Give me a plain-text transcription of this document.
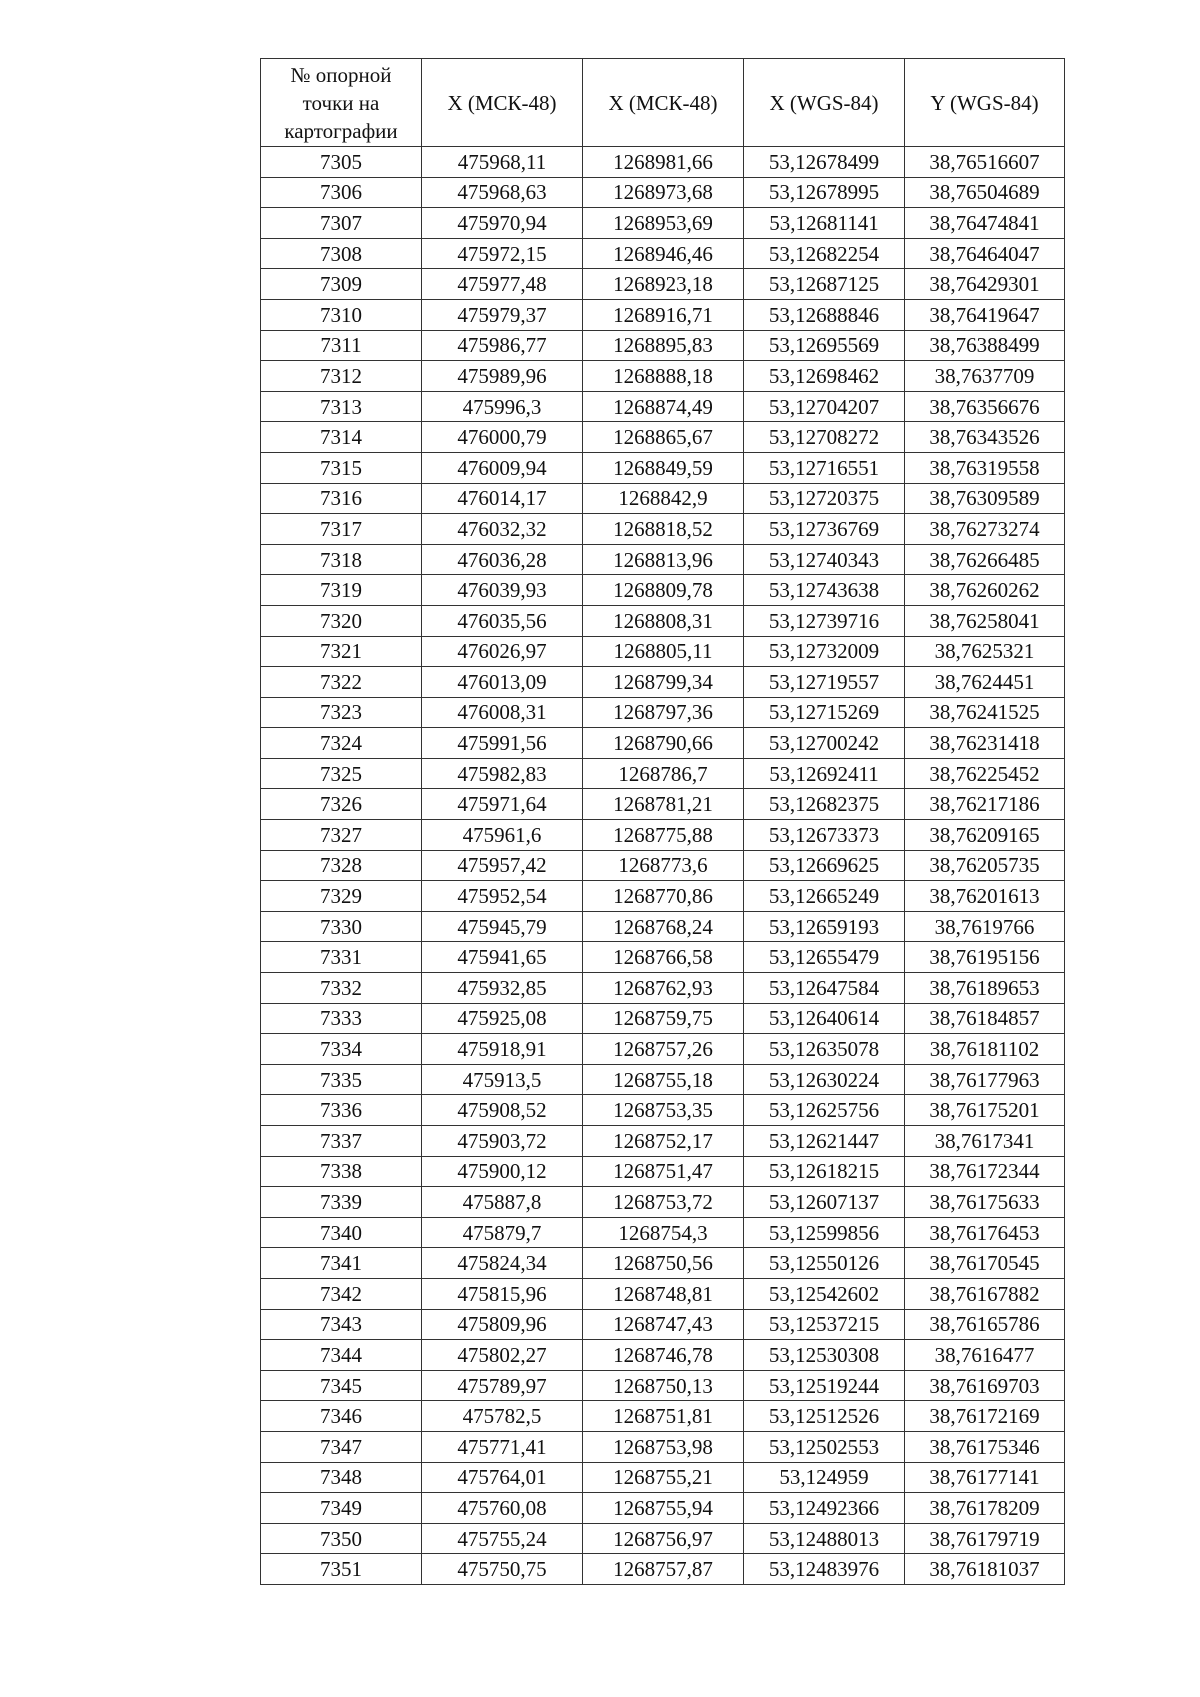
№ опорной точки на картографии	X (МСК-48)	X (МСК-48)	X (WGS-84)	Y (WGS-84)
7305	475968,11	1268981,66	53,12678499	38,76516607
7306	475968,63	1268973,68	53,12678995	38,76504689
7307	475970,94	1268953,69	53,12681141	38,76474841
7308	475972,15	1268946,46	53,12682254	38,76464047
7309	475977,48	1268923,18	53,12687125	38,76429301
7310	475979,37	1268916,71	53,12688846	38,76419647
7311	475986,77	1268895,83	53,12695569	38,76388499
7312	475989,96	1268888,18	53,12698462	38,7637709
7313	475996,3	1268874,49	53,12704207	38,76356676
7314	476000,79	1268865,67	53,12708272	38,76343526
7315	476009,94	1268849,59	53,12716551	38,76319558
7316	476014,17	1268842,9	53,12720375	38,76309589
7317	476032,32	1268818,52	53,12736769	38,76273274
7318	476036,28	1268813,96	53,12740343	38,76266485
7319	476039,93	1268809,78	53,12743638	38,76260262
7320	476035,56	1268808,31	53,12739716	38,76258041
7321	476026,97	1268805,11	53,12732009	38,7625321
7322	476013,09	1268799,34	53,12719557	38,7624451
7323	476008,31	1268797,36	53,12715269	38,76241525
7324	475991,56	1268790,66	53,12700242	38,76231418
7325	475982,83	1268786,7	53,12692411	38,76225452
7326	475971,64	1268781,21	53,12682375	38,76217186
7327	475961,6	1268775,88	53,12673373	38,76209165
7328	475957,42	1268773,6	53,12669625	38,76205735
7329	475952,54	1268770,86	53,12665249	38,76201613
7330	475945,79	1268768,24	53,12659193	38,7619766
7331	475941,65	1268766,58	53,12655479	38,76195156
7332	475932,85	1268762,93	53,12647584	38,76189653
7333	475925,08	1268759,75	53,12640614	38,76184857
7334	475918,91	1268757,26	53,12635078	38,76181102
7335	475913,5	1268755,18	53,12630224	38,76177963
7336	475908,52	1268753,35	53,12625756	38,76175201
7337	475903,72	1268752,17	53,12621447	38,7617341
7338	475900,12	1268751,47	53,12618215	38,76172344
7339	475887,8	1268753,72	53,12607137	38,76175633
7340	475879,7	1268754,3	53,12599856	38,76176453
7341	475824,34	1268750,56	53,12550126	38,76170545
7342	475815,96	1268748,81	53,12542602	38,76167882
7343	475809,96	1268747,43	53,12537215	38,76165786
7344	475802,27	1268746,78	53,12530308	38,7616477
7345	475789,97	1268750,13	53,12519244	38,76169703
7346	475782,5	1268751,81	53,12512526	38,76172169
7347	475771,41	1268753,98	53,12502553	38,76175346
7348	475764,01	1268755,21	53,124959	38,76177141
7349	475760,08	1268755,94	53,12492366	38,76178209
7350	475755,24	1268756,97	53,12488013	38,76179719
7351	475750,75	1268757,87	53,12483976	38,76181037
